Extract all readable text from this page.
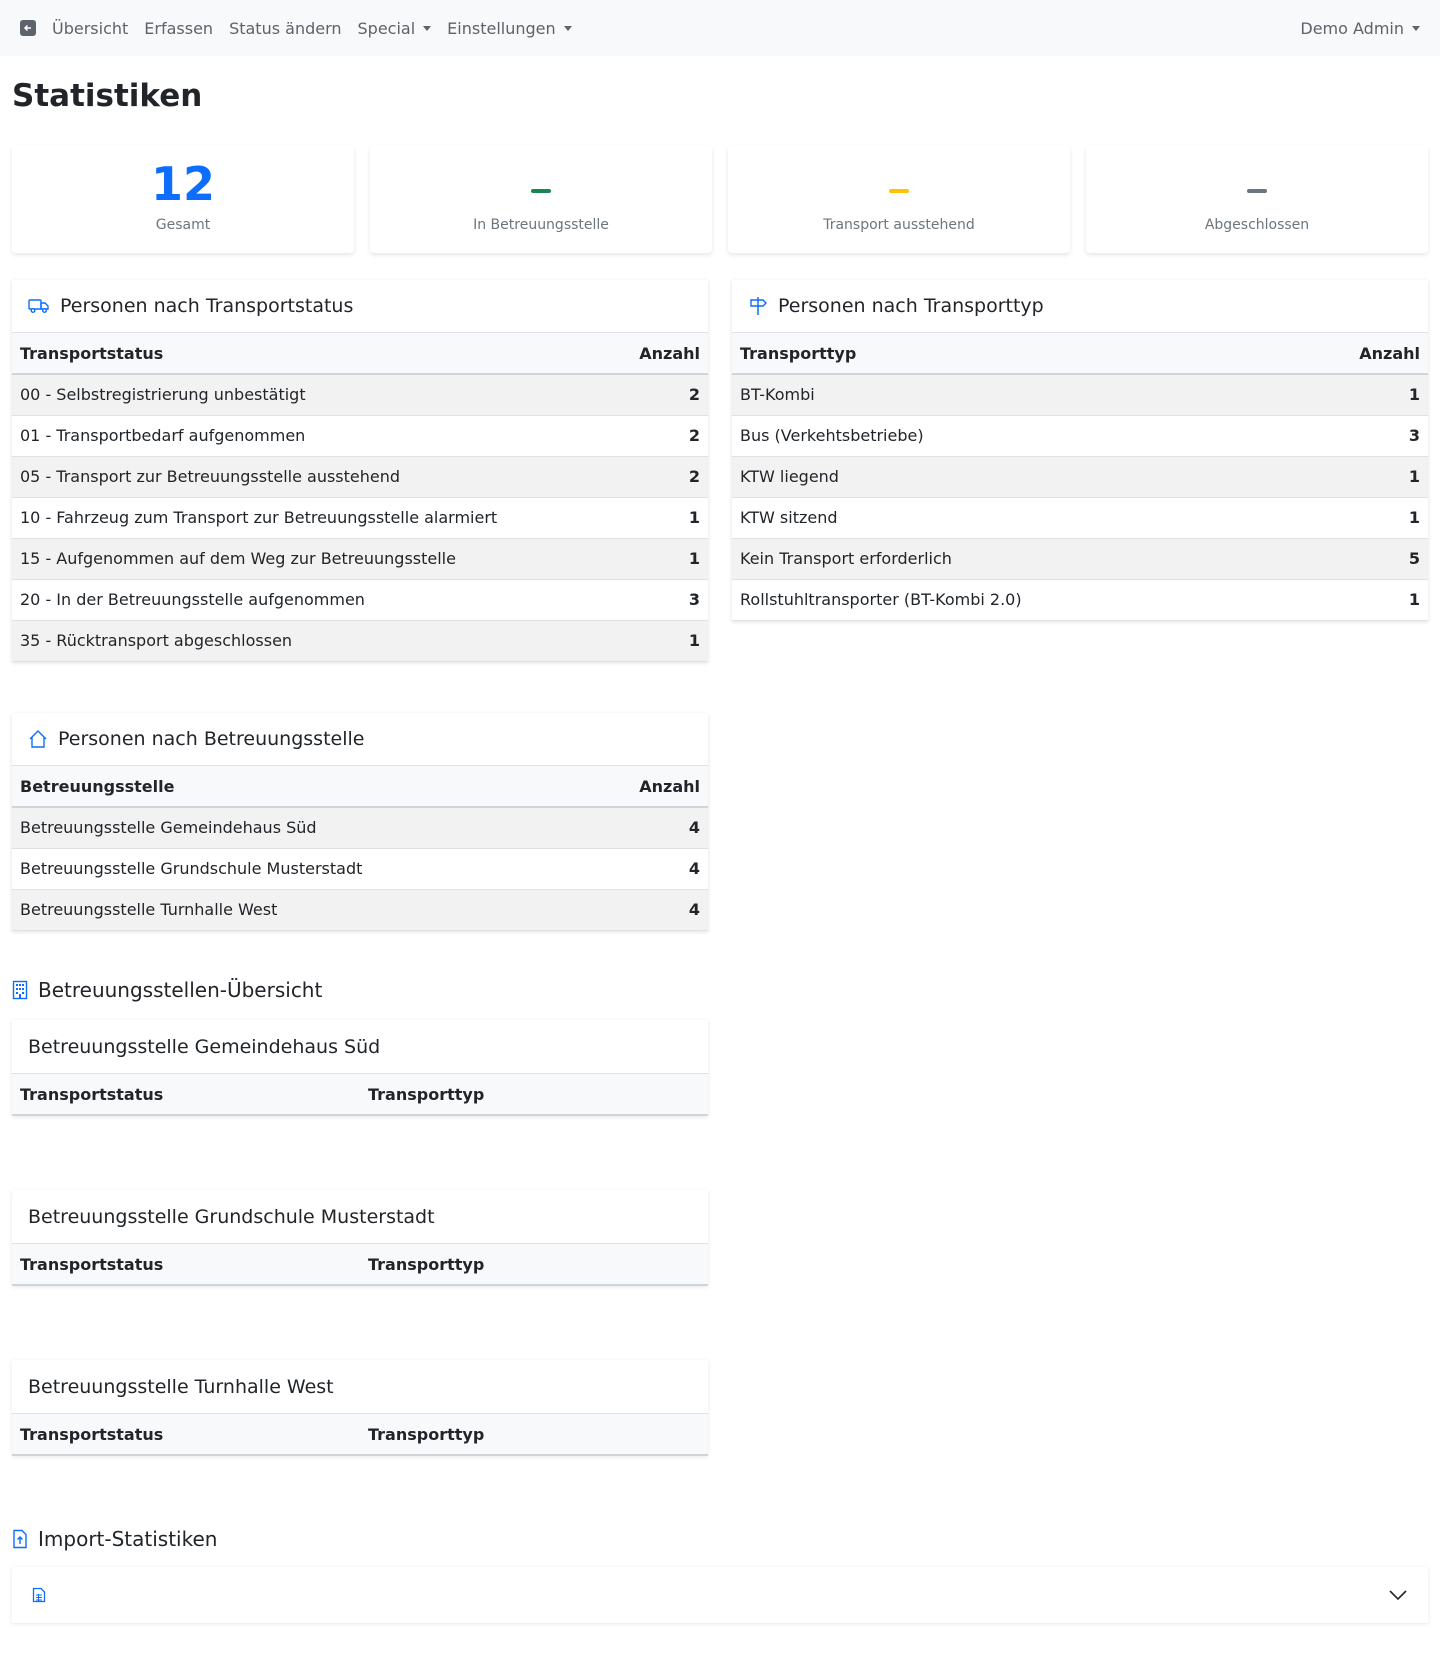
Übersicht Erfassen Status ändern Special Einstellungen	Demo Admin
Statistiken
12
Gesamt	In Betreuungsstelle	Transport ausstehend	Abgeschlossen
Personen nach Transportstatus
Transportstatus	Anzahl
00 - Selbstregistrierung unbestätigt	2
01 - Transportbedarf aufgenommen	2
05 - Transport zur Betreuungsstelle ausstehend	2
10 - Fahrzeug zum Transport zur Betreuungsstelle alarmiert	1
15 - Aufgenommen auf dem Weg zur Betreuungsstelle	1
20 - In der Betreuungsstelle aufgenommen	3
35 - Rücktransport abgeschlossen	1
Personen nach Transporttyp
Transporttyp	Anzahl
BT-Kombi	1
Bus (Verkehtsbetriebe)	3
KTW liegend	1
KTW sitzend	1
Kein Transport erforderlich	5
Rollstuhltransporter (BT-Kombi 2.0)	1
Personen nach Betreuungsstelle
Betreuungsstelle	Anzahl
Betreuungsstelle Gemeindehaus Süd	4
Betreuungsstelle Grundschule Musterstadt	4
Betreuungsstelle Turnhalle West	4
Betreuungsstellen-Übersicht
Betreuungsstelle Gemeindehaus Süd
Transportstatus	Transporttyp
Betreuungsstelle Grundschule Musterstadt
Transportstatus	Transporttyp
Betreuungsstelle Turnhalle West
Transportstatus	Transporttyp
Import-Statistiken
